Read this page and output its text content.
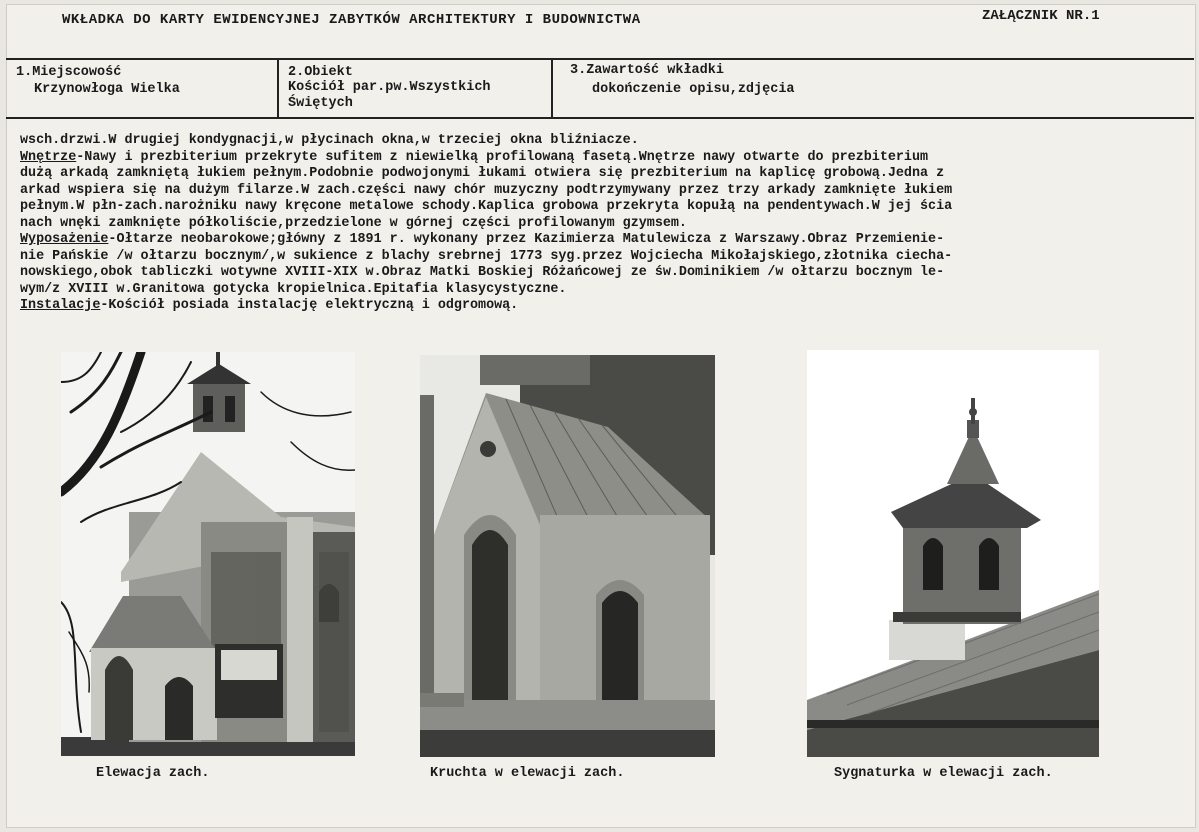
WKŁADKA DO KARTY EWIDENCYJNEJ ZABYTKÓW ARCHITEKTURY I BUDOWNICTWA	ZAŁĄCZNIK NR.1
1.Miejscowość
Krzynowłoga Wielka
2.Obiekt
Kościół par.pw.Wszystkich
Świętych
3.Zawartość wkładki
dokończenie opisu,zdjęcia
wsch.drzwi.W drugiej kondygnacji,w płycinach okna,w trzeciej okna bliźniacze.
Wnętrze-Nawy i prezbiterium przekryte sufitem z niewielką profilowaną fasetą.Wnętrze nawy otwarte do prezbiterium
dużą arkadą zamkniętą łukiem pełnym.Podobnie podwojonymi łukami otwiera się prezbiterium na kaplicę grobową.Jedna z
arkad wspiera się na dużym filarze.W zach.części nawy chór muzyczny podtrzymywany przez trzy arkady zamknięte łukiem
pełnym.W płn-zach.narożniku nawy kręcone metalowe schody.Kaplica grobowa przekryta kopułą na pendentywach.W jej ścia
nach wnęki zamknięte półkoliście,przedzielone w górnej części profilowanym gzymsem.
Wyposażenie-Ołtarze neobarokowe;główny z 1891 r. wykonany przez Kazimierza Matulewicza z Warszawy.Obraz Przemienie-
nie Pańskie /w ołtarzu bocznym/,w sukience z blachy srebrnej 1773 syg.przez Wojciecha Mikołajskiego,złotnika ciecha-
nowskiego,obok tabliczki wotywne XVIII-XIX w.Obraz Matki Boskiej Różańcowej ze św.Dominikiem /w ołtarzu bocznym le-
wym/z XVIII w.Granitowa gotycka kropielnica.Epitafia klasycystyczne.
Instalacje-Kościół posiada instalację elektryczną i odgromową.
Elewacja zach.	Kruchta w elewacji zach.	Sygnaturka w elewacji zach.
